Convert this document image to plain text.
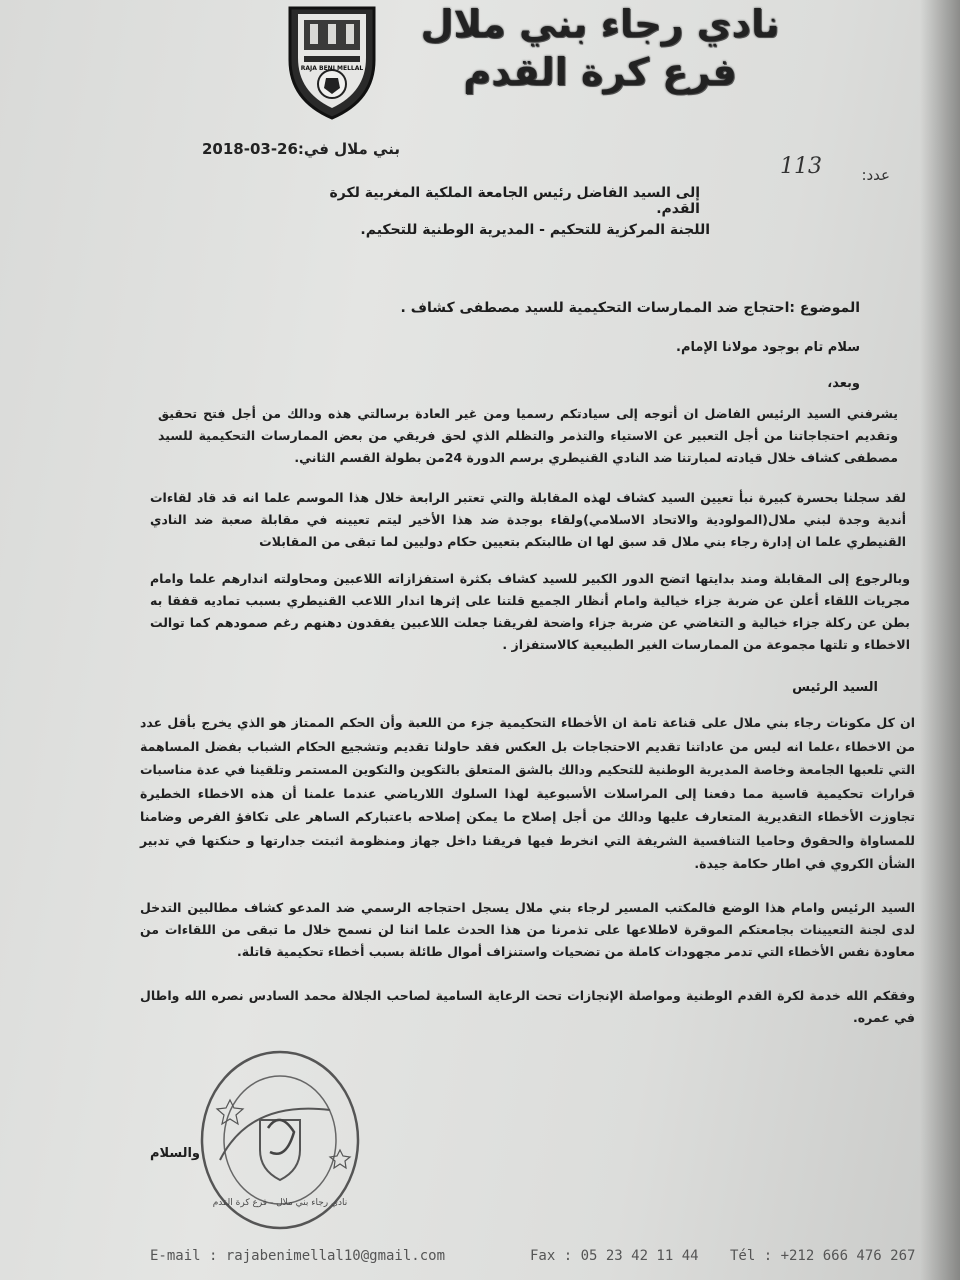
RAJA BENI MELLAL
نادي رجاء بني ملال
فرع كرة القدم
بني ملال في:26-03-2018
عدد:
113
إلى السيد الفاضل رئيس الجامعة الملكية المغربية لكرة القدم.
اللجنة المركزية للتحكيم - المديرية الوطنية للتحكيم.
الموضوع :احتجاج ضد الممارسات التحكيمية للسيد مصطفى كشاف .
سلام تام بوجود مولانا الإمام.
وبعد،
يشرفني السيد الرئيس الفاضل ان أتوجه إلى سيادتكم رسميا ومن غير العادة برسالتي هذه ودالك من أجل فتح تحقيق وتقديم احتجاجاتنا من أجل التعبير عن الاستياء والتذمر والتظلم الذي لحق فريقي من بعض الممارسات التحكيمية للسيد مصطفى كشاف خلال قيادته لمبارتنا ضد النادي القنيطري برسم الدورة 24من بطولة القسم الثاني.
لقد سجلنا بحسرة كبيرة نبأ تعيين السيد كشاف لهذه المقابلة والتي تعتبر الرابعة خلال هذا الموسم علما انه قد قاد لقاءات أندية وجدة لبني ملال(المولودية والاتحاد الاسلامي)ولقاء بوجدة ضد هذا الأخير ليتم تعيينه في مقابلة صعبة ضد النادي القنيطري علما ان إدارة رجاء بني ملال قد سبق لها ان طالبتكم بتعيين حكام دوليين لما تبقى من المقابلات
وبالرجوع إلى المقابلة ومند بدايتها اتضح الدور الكبير للسيد كشاف بكثرة استفزازاته اللاعبين ومحاولته اندارهم علما وامام مجريات اللقاء أعلن عن ضربة جزاء خيالية وامام أنظار الجميع قلتنا على إثرها اندار اللاعب القنيطري بسبب تماديه قفقا به بطن عن ركلة جزاء خيالية و التغاضي عن ضربة جزاء واضحة لفريقنا جعلت اللاعبين يفقدون دهنهم رغم صمودهم كما توالت الاخطاء و تلتها مجموعة من الممارسات الغير الطبيعية كالاستفزاز .
السيد الرئيس
ان كل مكونات رجاء بني ملال على قناعة تامة ان الأخطاء التحكيمية جزء من اللعبة وأن الحكم الممتاز هو الذي يخرج بأقل عدد من الاخطاء ،علما انه ليس من عاداتنا تقديم الاحتجاجات بل العكس فقد حاولنا تقديم وتشجيع الحكام الشباب بفضل المساهمة التي تلعبها الجامعة وخاصة المديرية الوطنية للتحكيم ودالك بالشق المتعلق بالتكوين والتكوين المستمر وتلقينا في عدة مناسبات قرارات تحكيمية قاسية مما دفعنا إلى المراسلات الأسبوعية لهذا السلوك اللارياضي عندما علمنا أن هذه الاخطاء الخطيرة تجاوزت الأخطاء التقديرية المتعارف عليها ودالك من أجل إصلاح ما يمكن إصلاحه باعتباركم الساهر على تكافؤ الفرص وضامنا للمساواة والحقوق وحاميا التنافسية الشريفة التي انخرط فيها فريقنا داخل جهاز ومنظومة اثبتت جدارتها و حنكتها في تدبير الشأن الكروي في اطار حكامة جيدة.
السيد الرئيس وامام هذا الوضع فالمكتب المسير لرجاء بني ملال يسجل احتجاجه الرسمي ضد المدعو كشاف مطالبين التدخل لدى لجنة التعيينات بجامعتكم الموقرة لاطلاعها على تذمرنا من هذا الحدث علما اننا لن نسمح خلال ما تبقى من اللقاءات من معاودة نفس الأخطاء التي تدمر مجهودات كاملة من تضحيات واستنزاف أموال طائلة بسبب أخطاء تحكيمية قاتلة.
وفقكم الله خدمة لكرة القدم الوطنية ومواصلة الإنجازات تحت الرعاية السامية لصاحب الجلالة محمد السادس نصره الله واطال في عمره.
والسلام
نادي رجاء بني ملال - فرع كرة القدم
E-mail : rajabenimellal10@gmail.com	Fax : 05 23 42 11 44 Tél : +212 666 476 267
